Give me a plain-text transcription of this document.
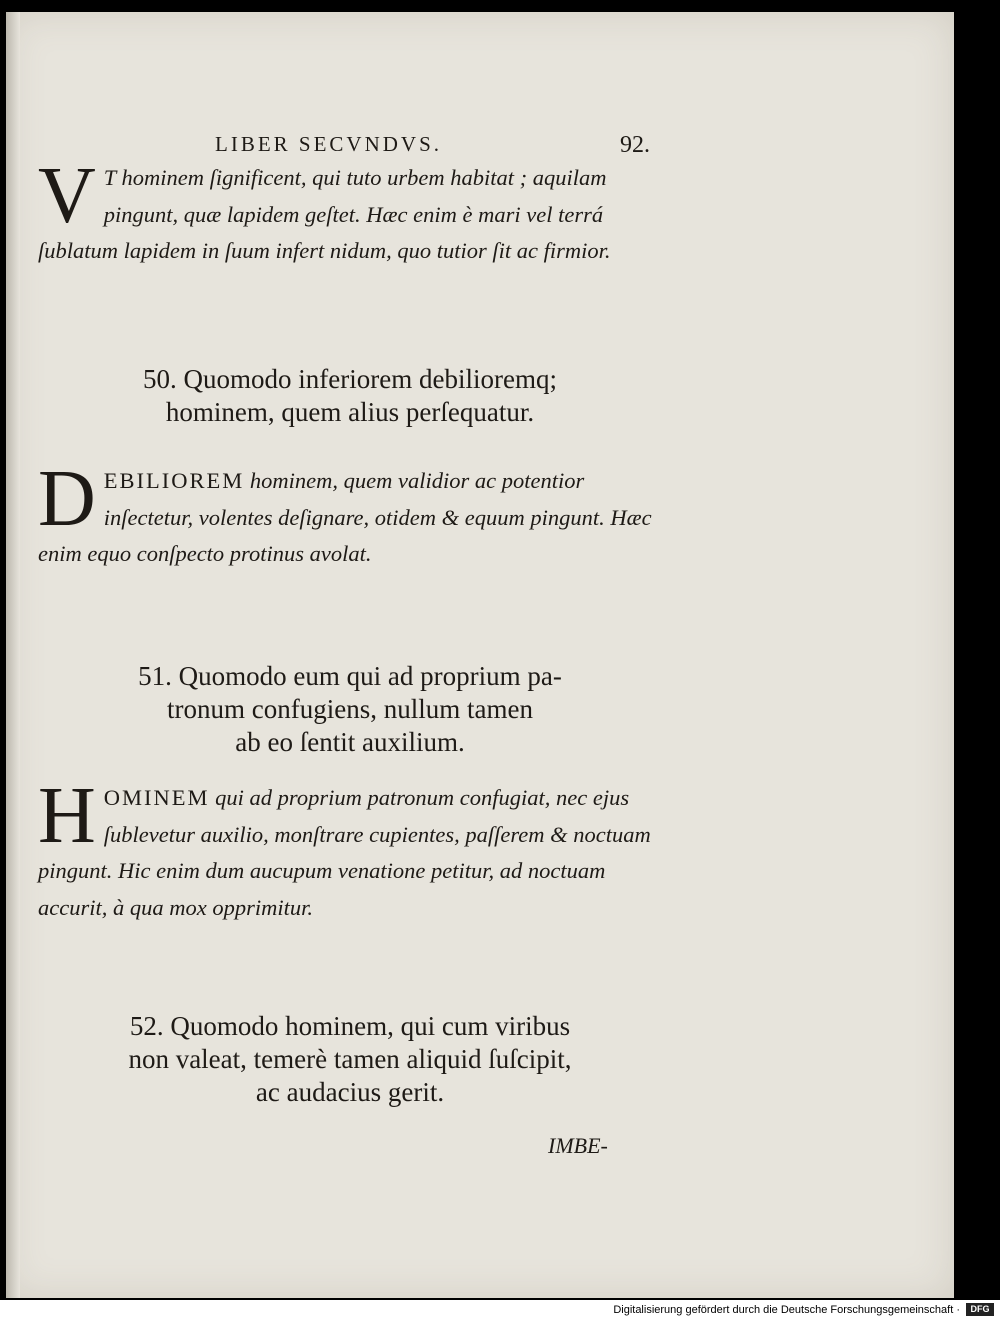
LIBER SECVNDVS.	92.
V T hominem ſignificent, qui tuto urbem habitat ; aquilam pingunt, quæ lapidem geſtet. Hæc enim è mari vel terrá ſublatum lapidem in ſuum infert nidum, quo tutior ſit ac firmior.
50. Quomodo inferiorem debilioremq;
hominem, quem alius perſequatur.
D EBILIOREM hominem, quem validior ac potentior inſectetur, volentes deſignare, otidem & equum pingunt. Hæc enim equo conſpecto protinus avolat.
51. Quomodo eum qui ad proprium pa-
tronum confugiens, nullum tamen
ab eo ſentit auxilium.
H OMINEM qui ad proprium patronum confugiat, nec ejus ſublevetur auxilio, monſtrare cupientes, paſſerem & noctuam pingunt. Hic enim dum aucupum venatione petitur, ad noctuam accurit, à qua mox opprimitur.
52. Quomodo hominem, qui cum viribus
non valeat, temerè tamen aliquid ſuſcipit,
ac audacius gerit.
IMBE-
Digitalisierung gefördert durch die Deutsche Forschungsgemeinschaft ·	DFG
